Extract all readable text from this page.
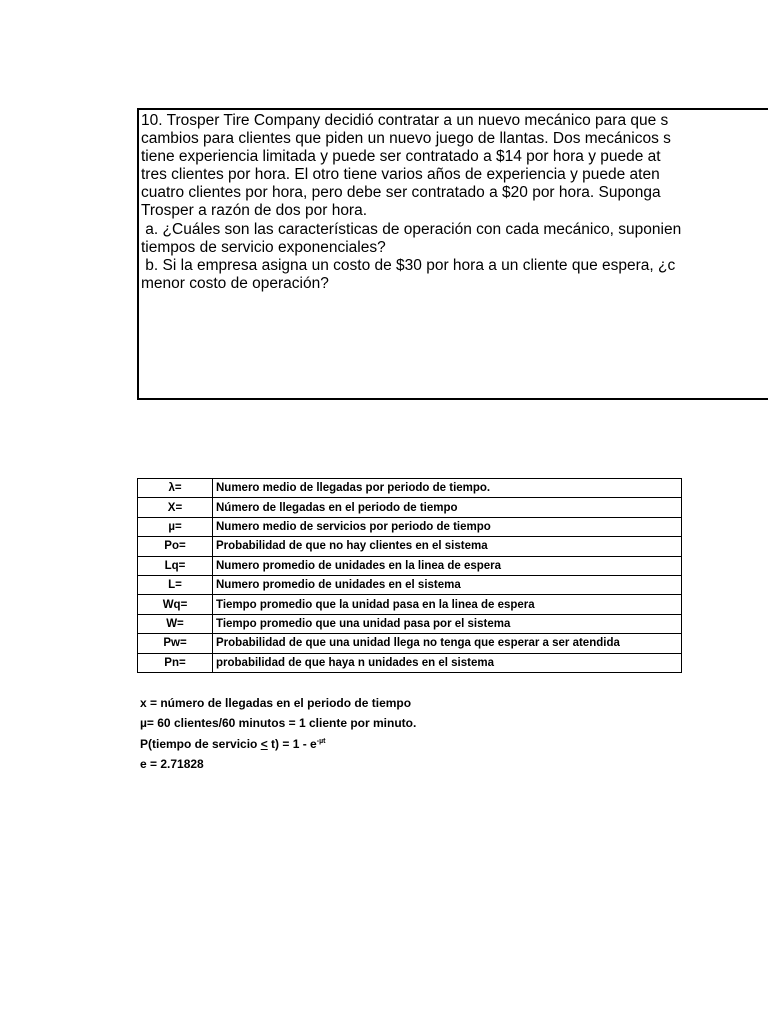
10. Trosper Tire Company decidió contratar a un nuevo mecánico para que s
cambios para clientes que piden un nuevo juego de llantas. Dos mecánicos s
tiene experiencia limitada y puede ser contratado a $14 por hora y puede at
tres clientes por hora. El otro tiene varios años de experiencia y puede aten
cuatro clientes por hora, pero debe ser contratado a $20 por hora. Suponga
Trosper a razón de dos por hora.
a. ¿Cuáles son las características de operación con cada mecánico, suponien
tiempos de servicio exponenciales?
b. Si la empresa asigna un costo de $30 por hora a un cliente que espera, ¿c
menor costo de operación?
λ=	Numero medio de llegadas por periodo de tiempo.
X=	Número de llegadas en el periodo de tiempo
µ=	Numero medio de servicios por periodo de tiempo
Po=	Probabilidad de que no hay clientes en el sistema
Lq=	Numero promedio de unidades en la linea de espera
L=	Numero promedio de unidades en el sistema
Wq=	Tiempo promedio que la unidad pasa en la linea de espera
W=	Tiempo promedio que una unidad pasa por el sistema
Pw=	Probabilidad de que una unidad llega no tenga que esperar a ser atendida
Pn=	probabilidad de que haya n unidades en el sistema
x = número de llegadas en el periodo de tiempo
µ= 60 clientes/60 minutos = 1 cliente por minuto.
P(tiempo de servicio ≤ $t) = 1 - e^{-\mu t}$
e = 2.71828
